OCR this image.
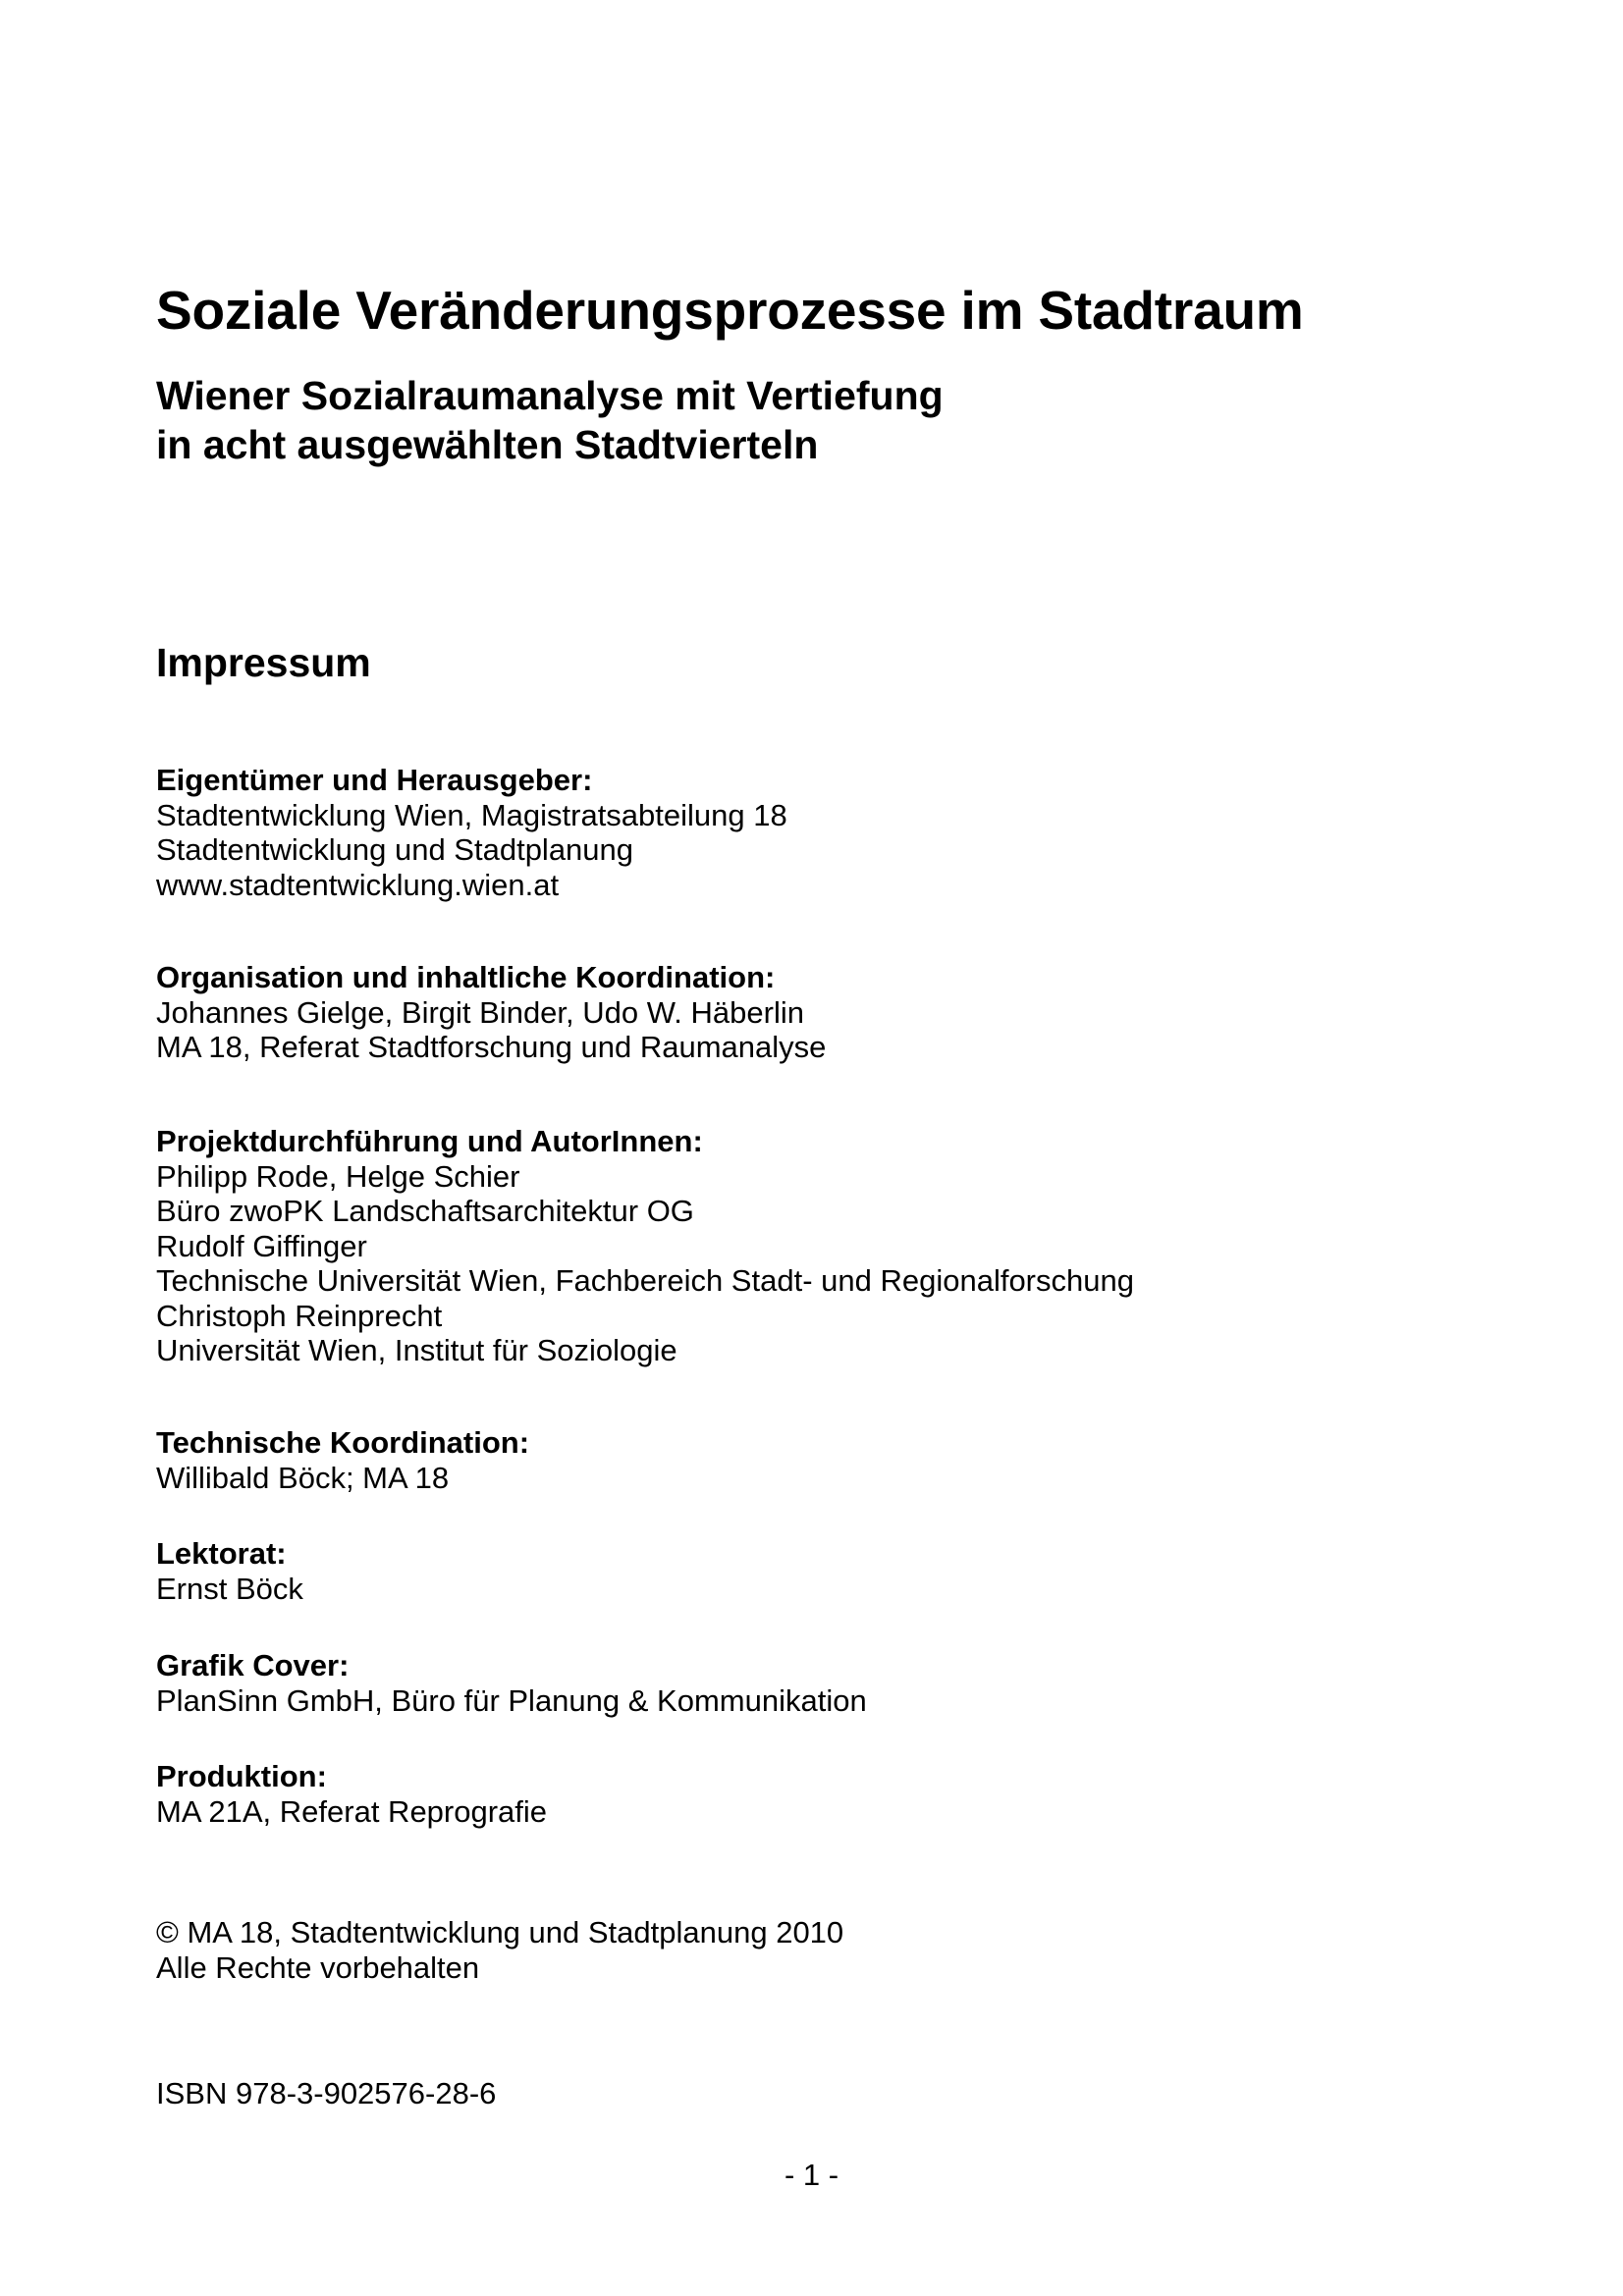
Soziale Veränderungsprozesse im Stadtraum
Wiener Sozialraumanalyse mit Vertiefung
in acht ausgewählten Stadtvierteln
Impressum
Eigentümer und Herausgeber:
Stadtentwicklung Wien, Magistratsabteilung 18
Stadtentwicklung und Stadtplanung
www.stadtentwicklung.wien.at
Organisation und inhaltliche Koordination:
Johannes Gielge, Birgit Binder, Udo W. Häberlin
MA 18, Referat Stadtforschung und Raumanalyse
Projektdurchführung und AutorInnen:
Philipp Rode, Helge Schier
Büro zwoPK Landschaftsarchitektur OG
Rudolf Giffinger
Technische Universität Wien, Fachbereich Stadt- und Regionalforschung
Christoph Reinprecht
Universität Wien, Institut für Soziologie
Technische Koordination:
Willibald Böck; MA 18
Lektorat:
Ernst Böck
Grafik Cover:
PlanSinn GmbH, Büro für Planung & Kommunikation
Produktion:
MA 21A, Referat Reprografie
© MA 18, Stadtentwicklung und Stadtplanung 2010
Alle Rechte vorbehalten
ISBN 978-3-902576-28-6
- 1 -
